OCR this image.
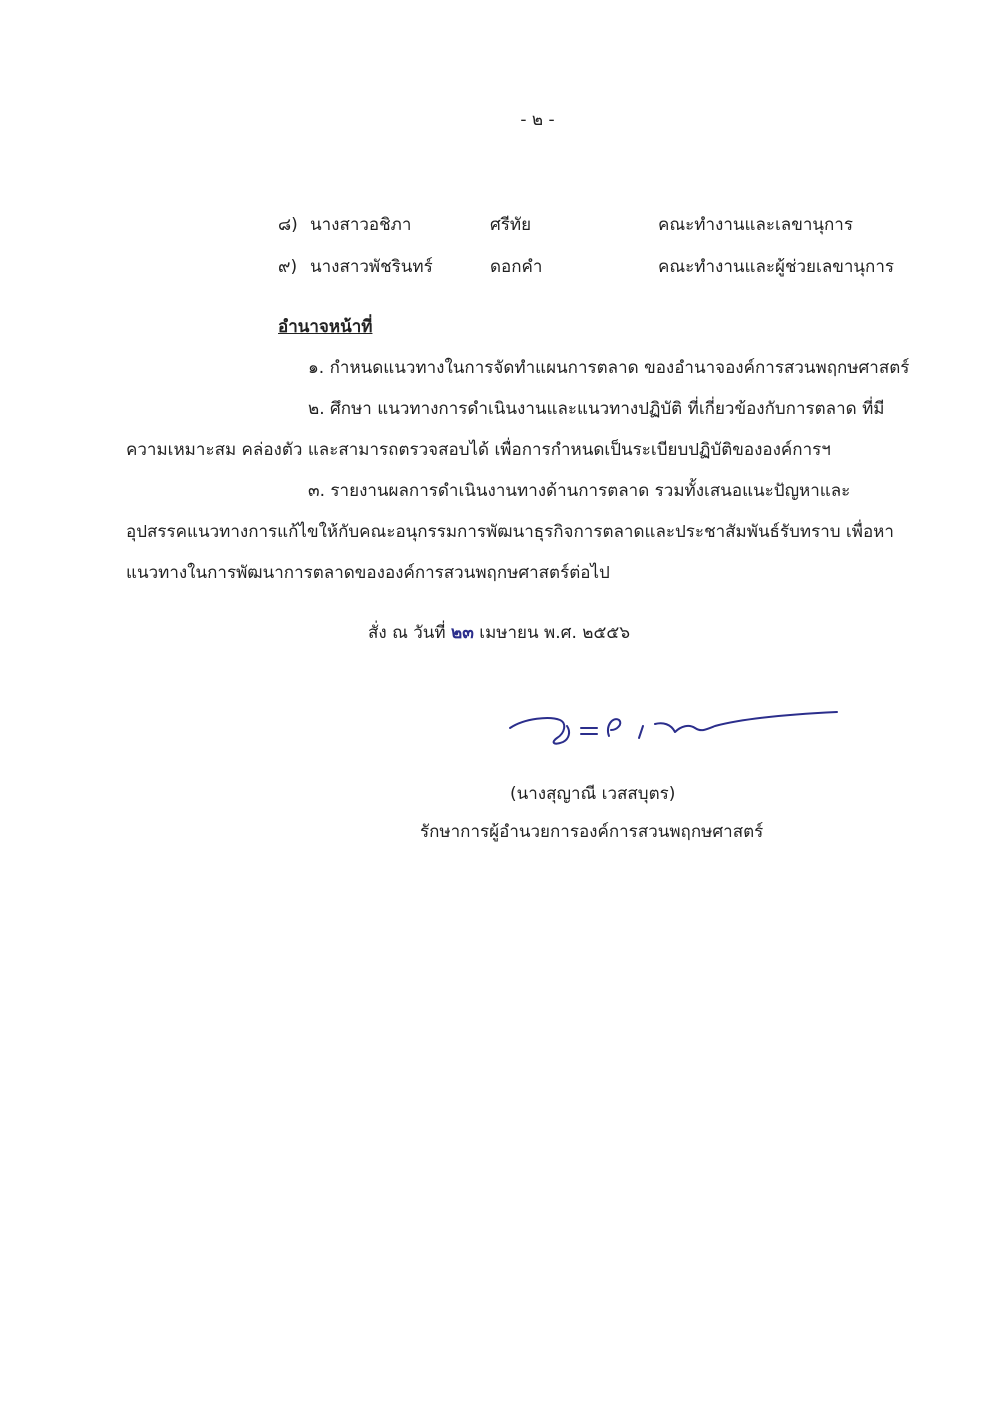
- ๒ -
๘) นางสาวอชิภา	ศรีทัย	คณะทำงานและเลขานุการ
๙) นางสาวพัชรินทร์	ดอกคำ	คณะทำงานและผู้ช่วยเลขานุการ
อำนาจหน้าที่
๑. กำหนดแนวทางในการจัดทำแผนการตลาด ของอำนาจองค์การสวนพฤกษศาสตร์
๒. ศึกษา แนวทางการดำเนินงานและแนวทางปฏิบัติ ที่เกี่ยวข้องกับการตลาด ที่มี
ความเหมาะสม คล่องตัว และสามารถตรวจสอบได้ เพื่อการกำหนดเป็นระเบียบปฏิบัติขององค์การฯ
๓. รายงานผลการดำเนินงานทางด้านการตลาด รวมทั้งเสนอแนะปัญหาและ
อุปสรรคแนวทางการแก้ไขให้กับคณะอนุกรรมการพัฒนาธุรกิจการตลาดและประชาสัมพันธ์รับทราบ เพื่อหา
แนวทางในการพัฒนาการตลาดขององค์การสวนพฤกษศาสตร์ต่อไป
สั่ง ณ วันที่ ๒๓ เมษายน พ.ศ. ๒๕๕๖
(นางสุญาณี เวสสบุตร)
รักษาการผู้อำนวยการองค์การสวนพฤกษศาสตร์
